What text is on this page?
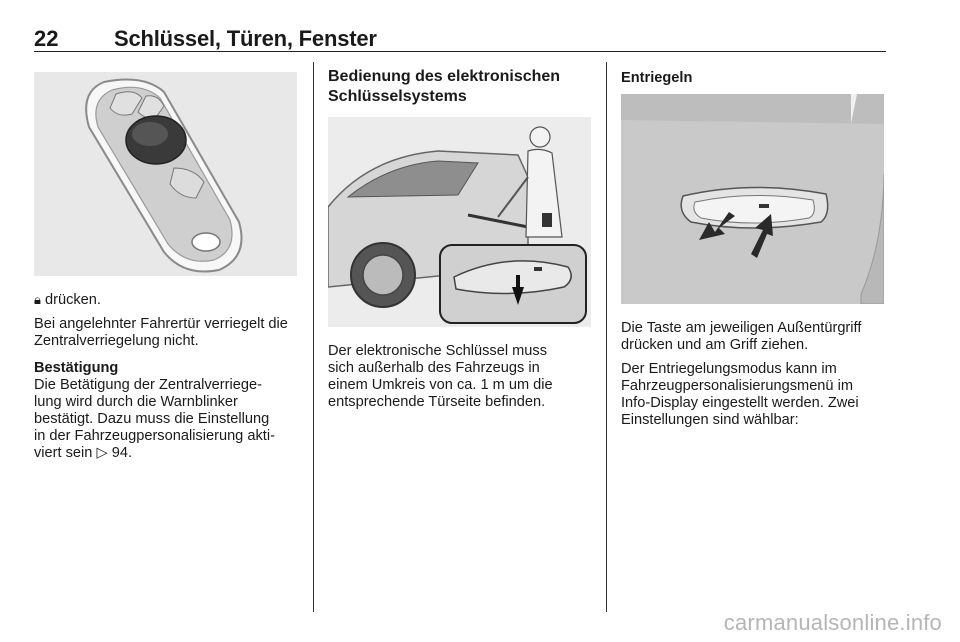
22	Schlüssel, Türen, Fenster

🔒︎ drücken.

Bei angelehnter Fahrertür verriegelt die Zentralverriegelung nicht.

Bestätigung
Die Betätigung der Zentralverriege-
lung wird durch die Warnblinker
bestätigt. Dazu muss die Einstellung
in der Fahrzeugpersonalisierung akti-
viert sein ▷ 94.
Bedienung des elektronischen
Schlüsselsystems
Der elektronische Schlüssel muss
sich außerhalb des Fahrzeugs in
einem Umkreis von ca. 1 m um die
entsprechende Türseite befinden.
Entriegeln

Die Taste am jeweiligen Außentürgriff
drücken und am Griff ziehen.

Der Entriegelungsmodus kann im
Fahrzeugpersonalisierungsmenü im
Info-Display eingestellt werden. Zwei
Einstellungen sind wählbar:

carmanualsonline.info
